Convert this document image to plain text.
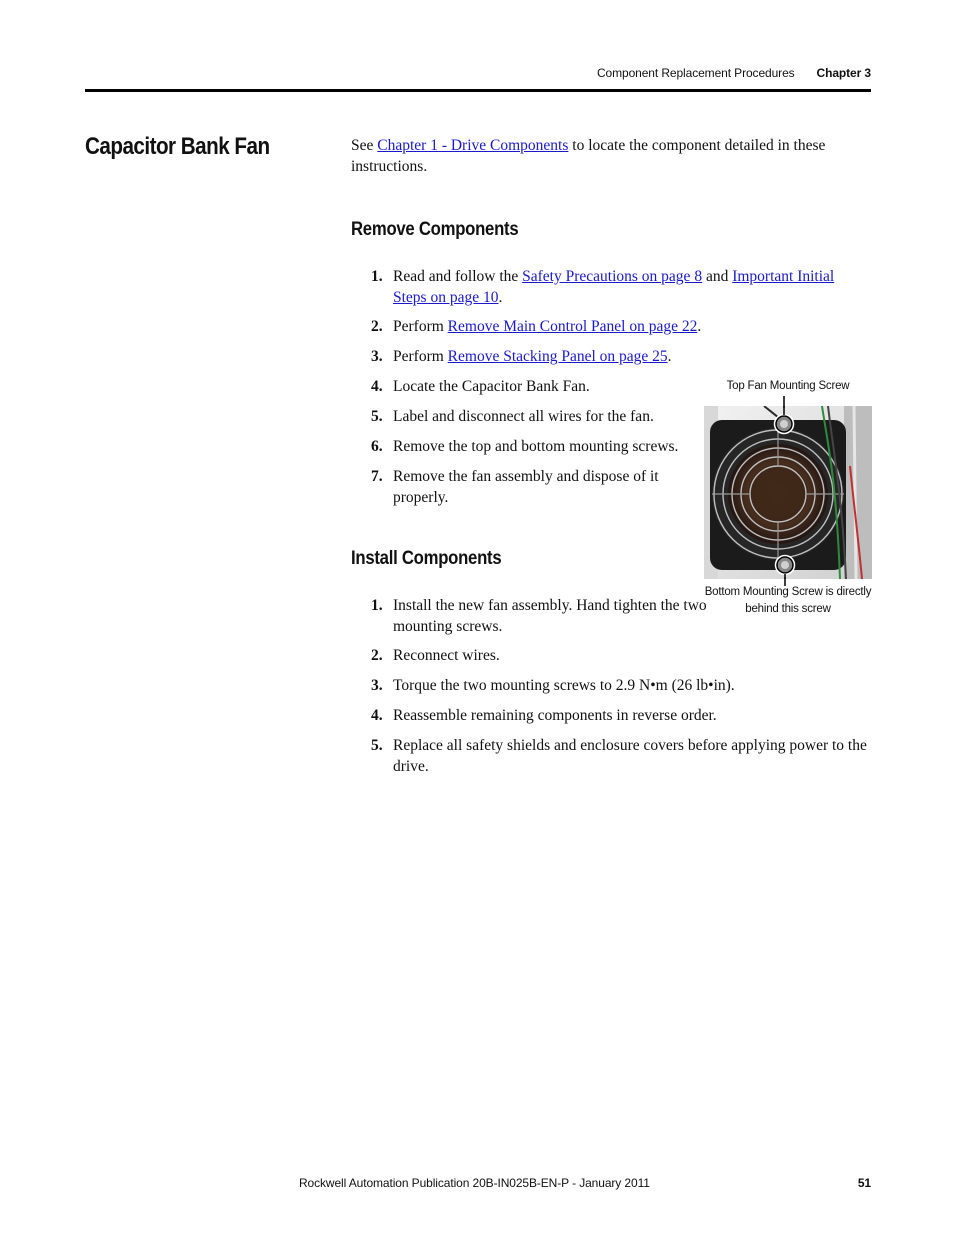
Component Replacement Procedures Chapter 3
Capacitor Bank Fan	See Chapter 1 - Drive Components to locate the component detailed in these instructions.

Remove Components
1. Read and follow the Safety Precautions on page 8 and Important Initial Steps on page 10.
2. Perform Remove Main Control Panel on page 22.
3. Perform Remove Stacking Panel on page 25.
4. Locate the Capacitor Bank Fan.
5. Label and disconnect all wires for the fan.
6. Remove the top and bottom mounting screws.
7. Remove the fan assembly and dispose of it properly.
Install Components
1. Install the new fan assembly. Hand tighten the two mounting screws.
2. Reconnect wires.
3. Torque the two mounting screws to 2.9 N•m (26 lb•in).
4. Reassemble remaining components in reverse order.
5. Replace all safety shields and enclosure covers before applying power to the drive.
Top Fan Mounting Screw
Bottom Mounting Screw is directly behind this screw
Rockwell Automation Publication 20B-IN025B-EN-P - January 2011	51
